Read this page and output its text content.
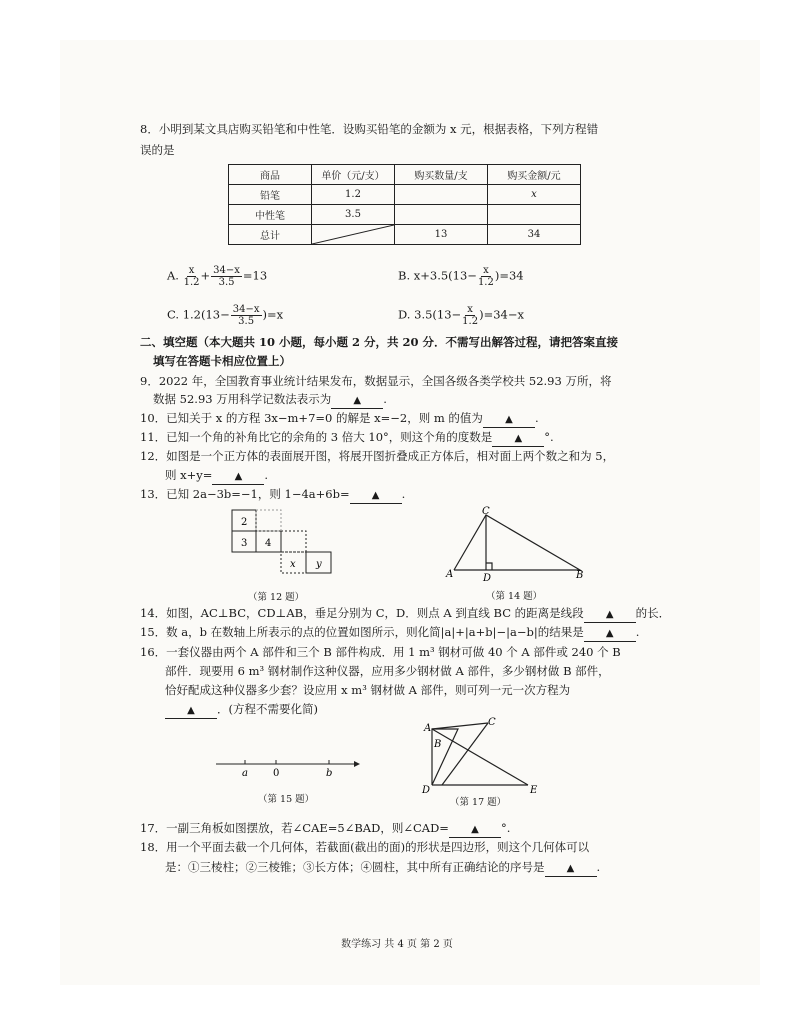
8．小明到某文具店购买铅笔和中性笔．设购买铅笔的金额为 x 元，根据表格，下列方程错
误的是
商品	单价（元/支）	购买数量/支	购买金额/元
铅笔	1.2		x
中性笔	3.5		
总计		13	34
A. $\frac{x}{1.2} + \frac{34-x}{3.5} =13$	B. $x+3.5(13- \frac{x}{1.2} )=34$
C. $1.2(13- \frac{34-x}{3.5} )=x$	D. $3.5(13- \frac{x}{1.2} )=34-x$
二、填空题（本大题共 10 小题，每小题 2 分，共 20 分．不需写出解答过程，请把答案直接
填写在答题卡相应位置上）
9．2022 年，全国教育事业统计结果发布，数据显示，全国各级各类学校共 52.93 万所，将
数据 52.93 万用科学记数法表示为 ▲ .
10．已知关于 x 的方程 3x−m+7=0 的解是 x=−2，则 m 的值为 ▲ .
11．已知一个角的补角比它的余角的 3 倍大 10°，则这个角的度数是 ▲ °.
12．如图是一个正方体的表面展开图，将展开图折叠成正方体后，相对面上两个数之和为 5，
则 x+y= ▲ .
13．已知 2a−3b=−1，则 1−4a+6b= ▲ .
2
3 4
x y
（第 12 题）
C
A	D	B
（第 14 题）
14．如图，AC⊥BC，CD⊥AB，垂足分别为 C，D．则点 A 到直线 BC 的距离是线段 ▲ 的长．
15．数 a，b 在数轴上所表示的点的位置如图所示，则化简|a|+|a+b|−|a−b|的结果是 ▲ .
16．一套仪器由两个 A 部件和三个 B 部件构成．用 1 m³ 钢材可做 40 个 A 部件或 240 个 B
部件．现要用 6 m³ 钢材制作这种仪器，应用多少钢材做 A 部件，多少钢材做 B 部件，
恰好配成这种仪器多少套？设应用 x m³ 钢材做 A 部件，则可列一元一次方程为
▲ ．(方程不需要化简)
a	0	b
（第 15 题）
A
C
B
D	E
（第 17 题）
17．一副三角板如图摆放，若∠CAE=5∠BAD，则∠CAD= ▲ °.
18．用一个平面去截一个几何体，若截面(截出的面)的形状是四边形，则这个几何体可以
是：①三棱柱；②三棱锥；③长方体；④圆柱，其中所有正确结论的序号是 ▲ .
数学练习 共 4 页 第 2 页
